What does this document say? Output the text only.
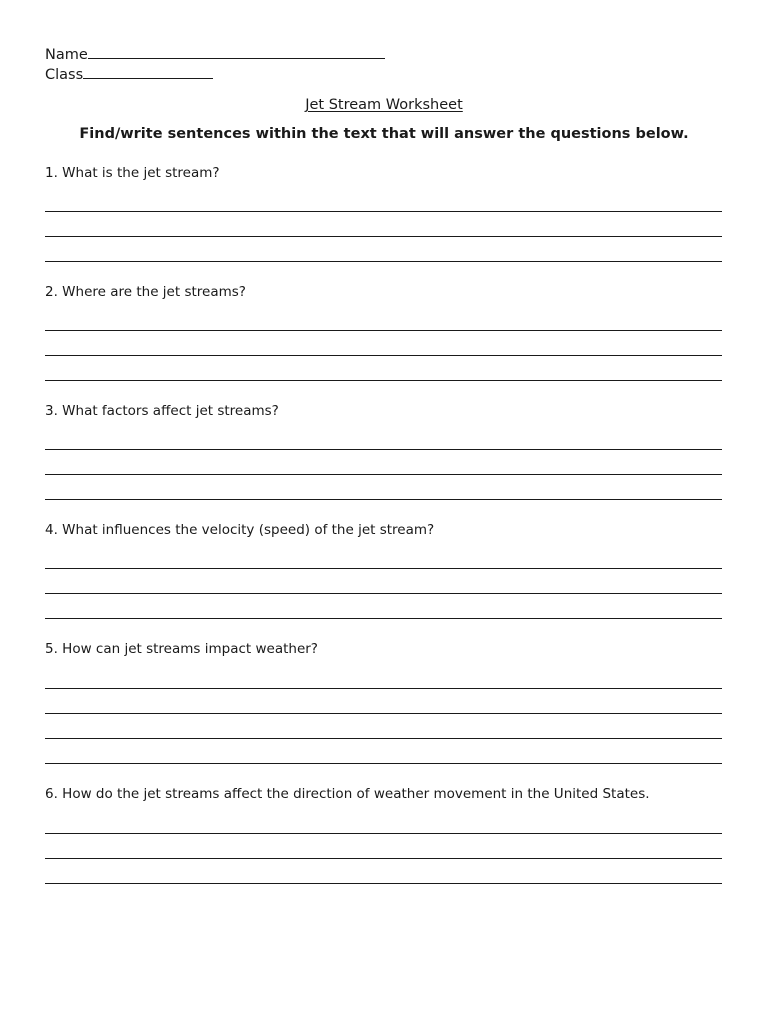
Name
Class
Jet Stream Worksheet
Find/write sentences within the text that will answer the questions below.
1. What is the jet stream?
2. Where are the jet streams?
3. What factors affect jet streams?
4. What influences the velocity (speed) of the jet stream?
5. How can jet streams impact weather?
6. How do the jet streams affect the direction of weather movement in the United States.
